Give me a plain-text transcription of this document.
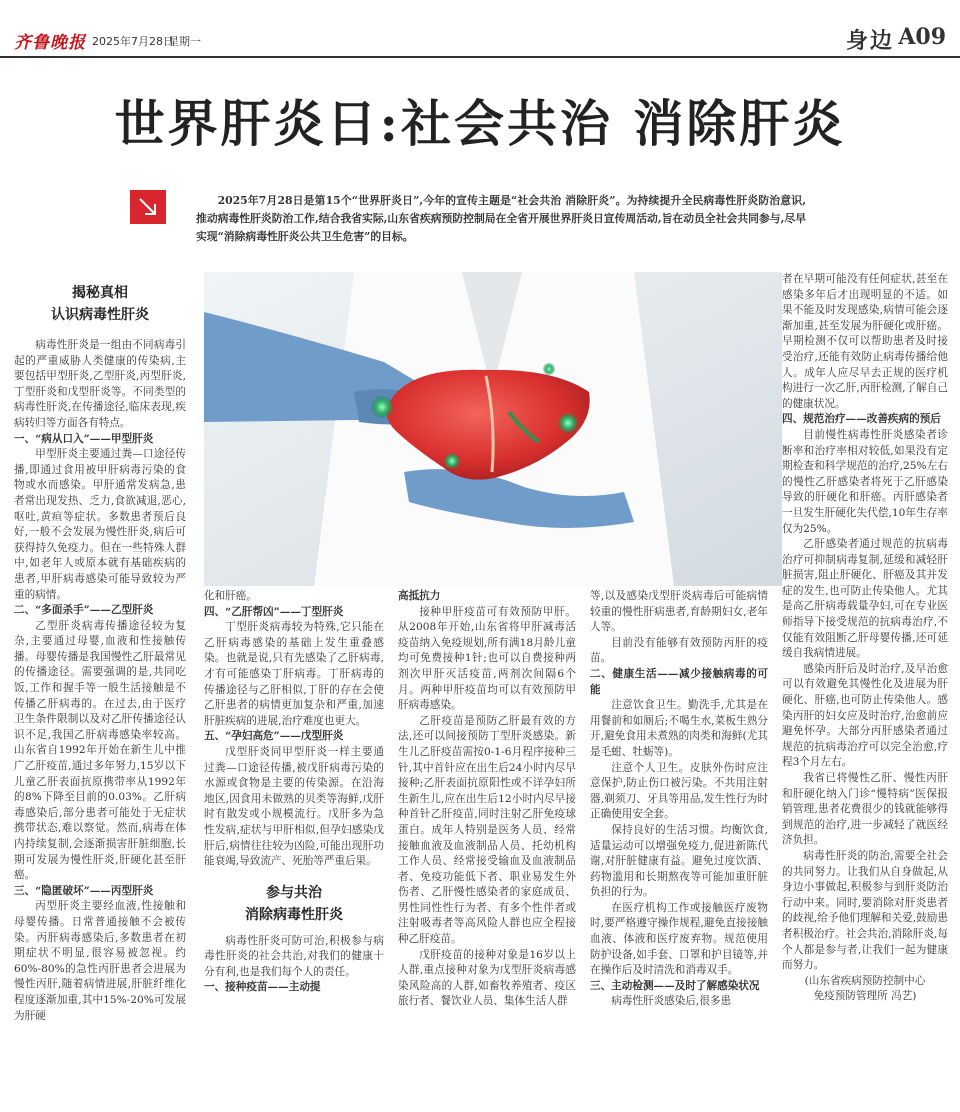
齐鲁晚报 2025年7月28日
星期一	身边 A09
世界肝炎日:社会共治 消除肝炎

2025年7月28日是第15个“世界肝炎日”,今年的宣传主题是“社会共治 消除肝炎”。为持续提升全民病毒性肝炎防治意识,推动病毒性肝炎防治工作,结合我省实际,山东省疾病预防控制局在全省开展世界肝炎日宣传周活动,旨在动员全社会共同参与,尽早实现“消除病毒性肝炎公共卫生危害”的目标。

揭秘真相
认识病毒性肝炎

病毒性肝炎是一组由不同病毒引起的严重威胁人类健康的传染病,主要包括甲型肝炎,乙型肝炎,丙型肝炎,丁型肝炎和戊型肝炎等。不同类型的病毒性肝炎,在传播途径,临床表现,疾病转归等方面各有特点。

一、“病从口入”——甲型肝炎

甲型肝炎主要通过粪—口途径传播,即通过食用被甲肝病毒污染的食物或水而感染。甲肝通常发病急,患者常出现发热、乏力,食欲减退,恶心,呕吐,黄疸等症状。多数患者预后良好,一般不会发展为慢性肝炎,病后可获得持久免疫力。但在一些特殊人群中,如老年人或原本就有基础疾病的患者,甲肝病毒感染可能导致较为严重的病情。

二、“多面杀手”——乙型肝炎

乙型肝炎病毒传播途径较为复杂,主要通过母婴,血液和性接触传播。母婴传播是我国慢性乙肝最常见的传播途径。需要强调的是,共同吃饭,工作和握手等一般生活接触是不传播乙肝病毒的。在过去,由于医疗卫生条件限制以及对乙肝传播途径认识不足,我国乙肝病毒感染率较高。山东省自1992年开始在新生儿中推广乙肝疫苗,通过多年努力,15岁以下儿童乙肝表面抗原携带率从1992年的8%下降至目前的0.03%。乙肝病毒感染后,部分患者可能处于无症状携带状态,难以察觉。然而,病毒在体内持续复制,会逐渐损害肝脏细胞,长期可发展为慢性肝炎,肝硬化甚至肝癌。

三、“隐匿破坏”——丙型肝炎

丙型肝炎主要经血液,性接触和母婴传播。日常普通接触不会被传染。丙肝病毒感染后,多数患者在初期症状不明显,很容易被忽视。约60%-80%的急性丙肝患者会进展为慢性丙肝,随着病情进展,肝脏纤维化程度逐渐加重,其中15%-20%可发展为肝硬

化和肝癌。

四、“乙肝帮凶”——丁型肝炎

丁型肝炎病毒较为特殊,它只能在乙肝病毒感染的基础上发生重叠感染。也就是说,只有先感染了乙肝病毒,才有可能感染丁肝病毒。丁肝病毒的传播途径与乙肝相似,丁肝的存在会使乙肝患者的病情更加复杂和严重,加速肝脏疾病的进展,治疗难度也更大。

五、“孕妇高危”——戊型肝炎

戊型肝炎同甲型肝炎一样主要通过粪—口途径传播,被戊肝病毒污染的水源或食物是主要的传染源。在沿海地区,因食用未做熟的贝类等海鲜,戊肝时有散发或小规模流行。戊肝多为急性发病,症状与甲肝相似,但孕妇感染戊肝后,病情往往较为凶险,可能出现肝功能衰竭,导致流产、死胎等严重后果。

参与共治
消除病毒性肝炎

病毒性肝炎可防可治,积极参与病毒性肝炎的社会共治,对我们的健康十分有利,也是我们每个人的责任。

一、接种疫苗——主动提

高抵抗力

接种甲肝疫苗可有效预防甲肝。从2008年开始,山东省将甲肝减毒活疫苗纳入免疫规划,所有满18月龄儿童均可免费接种1针;也可以自费接种两剂次甲肝灭活疫苗,两剂次间隔6个月。两种甲肝疫苗均可以有效预防甲肝病毒感染。

乙肝疫苗是预防乙肝最有效的方法,还可以间接预防丁型肝炎感染。新生儿乙肝疫苗需按0-1-6月程序接种三针,其中首针应在出生后24小时内尽早接种;乙肝表面抗原阳性或不详孕妇所生新生儿,应在出生后12小时内尽早接种首针乙肝疫苗,同时注射乙肝免疫球蛋白。成年人特别是医务人员、经常接触血液及血液制品人员、托幼机构工作人员、经常接受输血及血液制品者、免疫功能低下者、职业易发生外伤者、乙肝慢性感染者的家庭成员、男性同性性行为者、有多个性伴者或注射吸毒者等高风险人群也应全程接种乙肝疫苗。

戊肝疫苗的接种对象是16岁以上人群,重点接种对象为戊型肝炎病毒感染风险高的人群,如畜牧养殖者、疫区旅行者、餐饮业人员、集体生活人群

等,以及感染戊型肝炎病毒后可能病情较重的慢性肝病患者,育龄期妇女,老年人等。

目前没有能够有效预防丙肝的疫苗。

二、健康生活——减少接触病毒的可能

注意饮食卫生。勤洗手,尤其是在用餐前和如厕后;不喝生水,菜板生熟分开,避免食用未煮熟的肉类和海鲜(尤其是毛蚶、牡蛎等)。

注意个人卫生。皮肤外伤时应注意保护,防止伤口被污染。不共用注射器,剃须刀、牙具等用品,发生性行为时正确使用安全套。

保持良好的生活习惯。均衡饮食,适量运动可以增强免疫力,促进新陈代谢,对肝脏健康有益。避免过度饮酒、药物滥用和长期熬夜等可能加重肝脏负担的行为。

在医疗机构工作或接触医疗废物时,要严格遵守操作规程,避免直接接触血液、体液和医疗废弃物。规范使用防护设备,如手套、口罩和护目镜等,并在操作后及时清洗和消毒双手。

三、主动检测——及时了解感染状况

病毒性肝炎感染后,很多患

者在早期可能没有任何症状,甚至在感染多年后才出现明显的不适。如果不能及时发现感染,病情可能会逐渐加重,甚至发展为肝硬化或肝癌。早期检测不仅可以帮助患者及时接受治疗,还能有效防止病毒传播给他人。成年人应尽早去正规的医疗机构进行一次乙肝,丙肝检测,了解自己的健康状况。

四、规范治疗——改善疾病的预后

目前慢性病毒性肝炎感染者诊断率和治疗率相对较低,如果没有定期检查和科学规范的治疗,25%左右的慢性乙肝感染者将死于乙肝感染导致的肝硬化和肝癌。丙肝感染者一旦发生肝硬化失代偿,10年生存率仅为25%。

乙肝感染者通过规范的抗病毒治疗可抑制病毒复制,延缓和减轻肝脏损害,阻止肝硬化、肝癌及其并发症的发生,也可防止传染他人。尤其是高乙肝病毒载量孕妇,可在专业医师指导下接受规范的抗病毒治疗,不仅能有效阻断乙肝母婴传播,还可延缓自我病情进展。

感染丙肝后及时治疗,及早治愈可以有效避免其慢性化及进展为肝硬化、肝癌,也可防止传染他人。感染丙肝的妇女应及时治疗,治愈前应避免怀孕。大部分丙肝感染者通过规范的抗病毒治疗可以完全治愈,疗程3个月左右。

我省已将慢性乙肝、慢性丙肝和肝硬化纳入门诊“慢特病”医保报销管理,患者花费很少的钱就能够得到规范的治疗,进一步减轻了就医经济负担。

病毒性肝炎的防治,需要全社会的共同努力。让我们从自身做起,从身边小事做起,积极参与到肝炎防治行动中来。同时,要消除对肝炎患者的歧视,给予他们理解和关爱,鼓励患者积极治疗。社会共治,消除肝炎,每个人都是参与者,让我们一起为健康而努力。

(山东省疾病预防控制中心
免疫预防管理所 冯艺)
